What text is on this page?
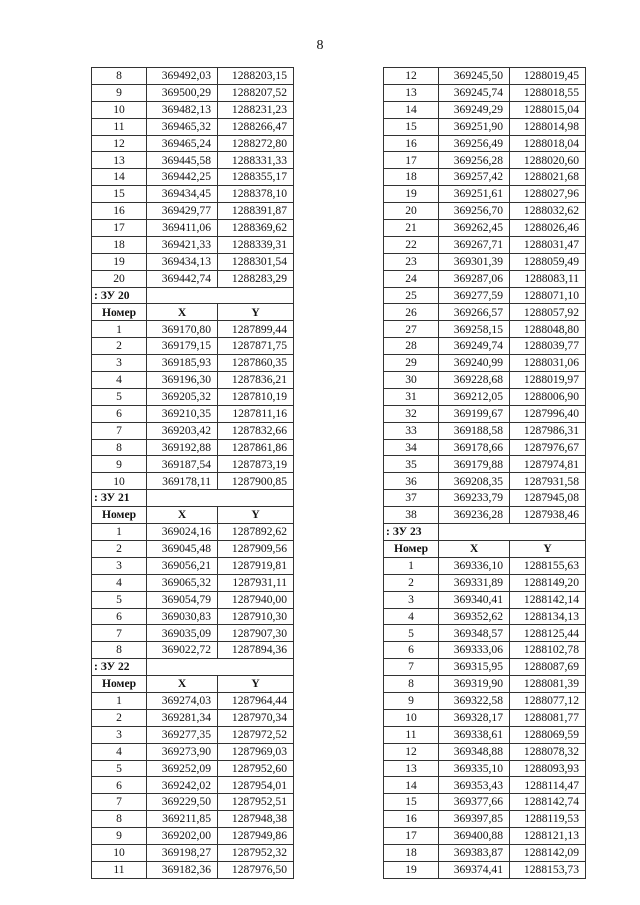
8
8	369492,03	1288203,15
9	369500,29	1288207,52
10	369482,13	1288231,23
11	369465,32	1288266,47
12	369465,24	1288272,80
13	369445,58	1288331,33
14	369442,25	1288355,17
15	369434,45	1288378,10
16	369429,77	1288391,87
17	369411,06	1288369,62
18	369421,33	1288339,31
19	369434,13	1288301,54
20	369442,74	1288283,29
: ЗУ 20		
Номер	X	Y
1	369170,80	1287899,44
2	369179,15	1287871,75
3	369185,93	1287860,35
4	369196,30	1287836,21
5	369205,32	1287810,19
6	369210,35	1287811,16
7	369203,42	1287832,66
8	369192,88	1287861,86
9	369187,54	1287873,19
10	369178,11	1287900,85
: ЗУ 21		
Номер	X	Y
1	369024,16	1287892,62
2	369045,48	1287909,56
3	369056,21	1287919,81
4	369065,32	1287931,11
5	369054,79	1287940,00
6	369030,83	1287910,30
7	369035,09	1287907,30
8	369022,72	1287894,36
: ЗУ 22		
Номер	X	Y
1	369274,03	1287964,44
2	369281,34	1287970,34
3	369277,35	1287972,52
4	369273,90	1287969,03
5	369252,09	1287952,60
6	369242,02	1287954,01
7	369229,50	1287952,51
8	369211,85	1287948,38
9	369202,00	1287949,86
10	369198,27	1287952,32
11	369182,36	1287976,50
12	369245,50	1288019,45
13	369245,74	1288018,55
14	369249,29	1288015,04
15	369251,90	1288014,98
16	369256,49	1288018,04
17	369256,28	1288020,60
18	369257,42	1288021,68
19	369251,61	1288027,96
20	369256,70	1288032,62
21	369262,45	1288026,46
22	369267,71	1288031,47
23	369301,39	1288059,49
24	369287,06	1288083,11
25	369277,59	1288071,10
26	369266,57	1288057,92
27	369258,15	1288048,80
28	369249,74	1288039,77
29	369240,99	1288031,06
30	369228,68	1288019,97
31	369212,05	1288006,90
32	369199,67	1287996,40
33	369188,58	1287986,31
34	369178,66	1287976,67
35	369179,88	1287974,81
36	369208,35	1287931,58
37	369233,79	1287945,08
38	369236,28	1287938,46
: ЗУ 23		
Номер	X	Y
1	369336,10	1288155,63
2	369331,89	1288149,20
3	369340,41	1288142,14
4	369352,62	1288134,13
5	369348,57	1288125,44
6	369333,06	1288102,78
7	369315,95	1288087,69
8	369319,90	1288081,39
9	369322,58	1288077,12
10	369328,17	1288081,77
11	369338,61	1288069,59
12	369348,88	1288078,32
13	369335,10	1288093,93
14	369353,43	1288114,47
15	369377,66	1288142,74
16	369397,85	1288119,53
17	369400,88	1288121,13
18	369383,87	1288142,09
19	369374,41	1288153,73
